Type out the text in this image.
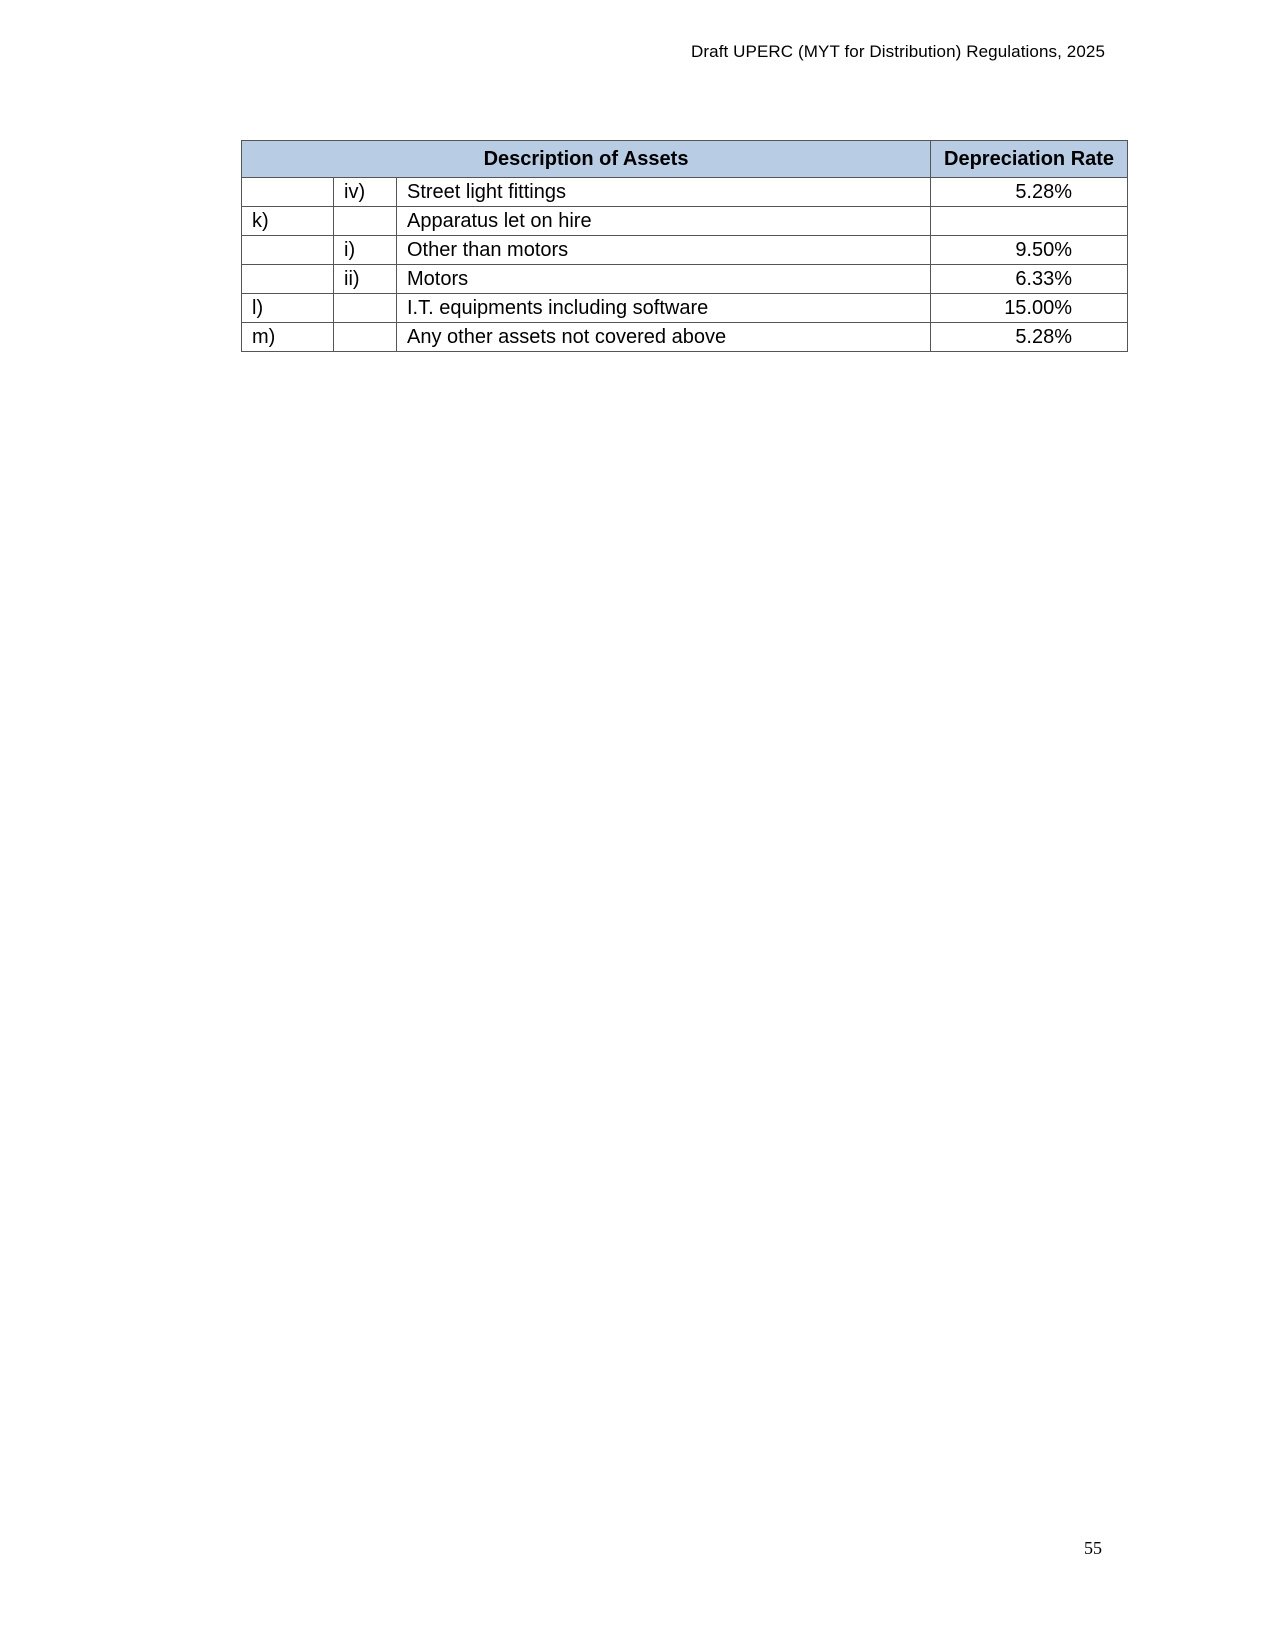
Draft UPERC (MYT for Distribution) Regulations, 2025
Description of Assets			Depreciation Rate
	iv)	Street light fittings	5.28%
k)		Apparatus let on hire	
	i)	Other than motors	9.50%
	ii)	Motors	6.33%
l)		I.T. equipments including software	15.00%
m)		Any other assets not covered above	5.28%
55
